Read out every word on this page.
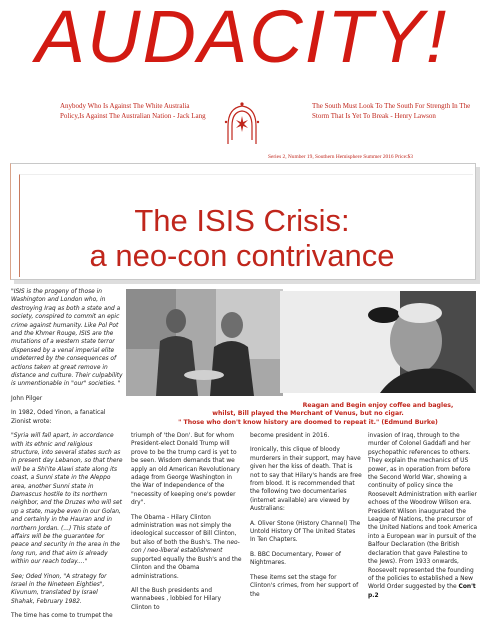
AUDACITY!
Anybody Who Is Against The White Australia Policy,Is Against The Australian Nation - Jack Lang
The South Must Look To The South For Strength In The Storm That Is Yet To Break - Henry Lawson
Series 2, Number 19, Southern Hemisphere Summer 2016 Price:$3
The ISIS Crisis:
a neo-con contrivance

"ISIS is the progeny of those in Washington and London who, in destroying Iraq as both a state and a society, conspired to commit an epic crime against humanity. Like Pol Pot and the Khmer Rouge, ISIS are the mutations of a western state terror dispensed by a venal imperial elite undeterred by the consequences of actions taken at great remove in distance and culture. Their culpability is unmentionable in "our" societies. "

John Pilger

In 1982, Oded Yinon, a fanatical Zionist wrote:

"Syria will fall apart, in accordance with its ethnic and religious structure, into several states such as in present day Lebanon, so that there will be a Shi'ite Alawi state along its coast, a Sunni state in the Aleppo area, another Sunni state in Damascus hostile to its northern neighbor, and the Druzes who will set up a state, maybe even in our Golan, and certainly in the Hauran and in northern Jordan. (...) This state of affairs will be the guarantee for peace and security in the area in the long run, and that aim is already within our reach today...."

See; Oded Yinon, "A strategy for Israel in the Nineteen Eighties", Kivunum, translated by Israel Shahak, February 1982.

The time has come to trumpet the

Reagan and Begin enjoy coffee and bagles,
whilst, Bill played the Merchant of Venus, but no cigar.
" Those who don't know history are doomed to repeat it." (Edmund Burke)

triumph of 'the Don'. But for whom President-elect Donald Trump will prove to be the trump card is yet to be seen. Wisdom demands that we apply an old American Revolutionary adage from George Washington in the War of Independence of the "necessity of keeping one's powder dry".

The Obama - Hilary Clinton administration was not simply the ideological successor of Bill Clinton, but also of both the Bush's. The neo-con / neo-liberal establishment supported equally the Bush's and the Clinton and the Obama administrations.

All the Bush presidents and wannabees , lobbied for Hilary Clinton to

become president in 2016.

Ironically, this clique of bloody murderers in their support, may have given her the kiss of death. That is not to say that Hilary's hands are free from blood. It is recommended that the following two documentaries (internet available) are viewed by Australians:

A. Oliver Stone (History Channel) The Untold History Of The United States In Ten Chapters.
B. BBC Documentary, Power of Nightmares.

These items set the stage for Clinton's crimes, from her support of the

invasion of Iraq, through to the murder of Colonel Gaddafi and her psychopathic references to others. They explain the mechanics of US power, as in operation from before the Second World War, showing a continuity of policy since the Roosevelt Administration with earlier echoes of the Woodrow Wilson era. President Wilson inaugurated the League of Nations, the precursor of the United Nations and took America into a European war in pursuit of the Balfour Declaration (the British declaration that gave Palestine to the Jews). From 1933 onwards, Roosevelt represented the founding of the policies to established a New World Order suggested by the Con't p.2
